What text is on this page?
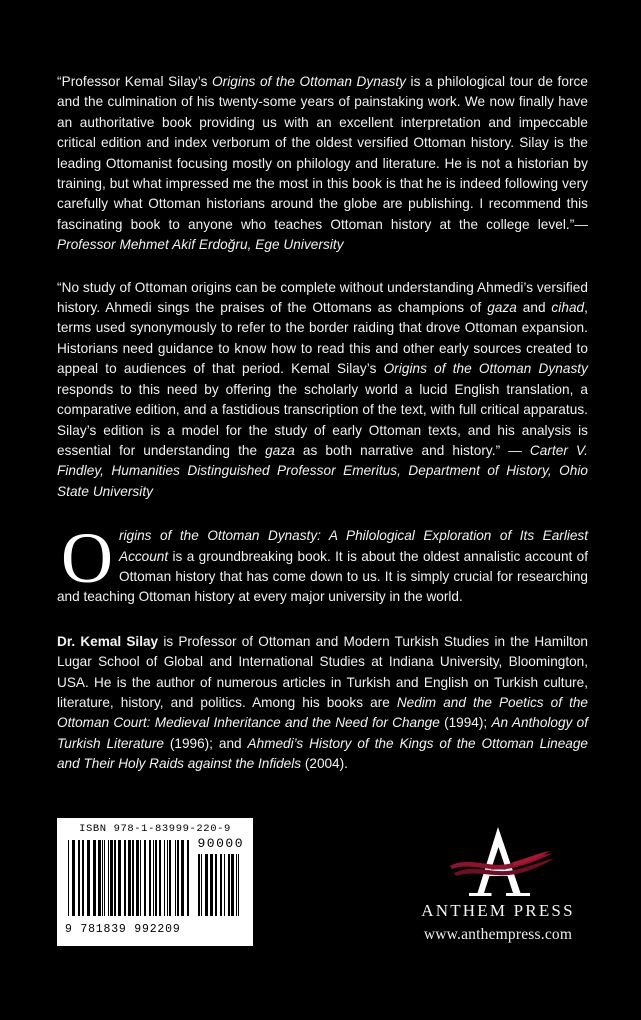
“Professor Kemal Silay’s Origins of the Ottoman Dynasty is a philological tour de force and the culmination of his twenty-some years of painstaking work. We now finally have an authoritative book providing us with an excellent interpretation and impeccable critical edition and index verborum of the oldest versified Ottoman history. Silay is the leading Ottomanist focusing mostly on philology and literature. He is not a historian by training, but what impressed me the most in this book is that he is indeed following very carefully what Ottoman historians around the globe are publishing. I recommend this fascinating book to anyone who teaches Ottoman history at the college level.”— Professor Mehmet Akif Erdoğru, Ege University

“No study of Ottoman origins can be complete without understanding Ahmedi’s versified history. Ahmedi sings the praises of the Ottomans as champions of gaza and cihad, terms used synonymously to refer to the border raiding that drove Ottoman expansion. Historians need guidance to know how to read this and other early sources created to appeal to audiences of that period. Kemal Silay’s Origins of the Ottoman Dynasty responds to this need by offering the scholarly world a lucid English translation, a comparative edition, and a fastidious transcription of the text, with full critical apparatus. Silay’s edition is a model for the study of early Ottoman texts, and his analysis is essential for understanding the gaza as both narrative and history.” — Carter V. Findley, Humanities Distinguished Professor Emeritus, Department of History, Ohio State University

Origins of the Ottoman Dynasty: A Philological Exploration of Its Earliest Account is a groundbreaking book. It is about the oldest annalistic account of Ottoman history that has come down to us. It is simply crucial for researching and teaching Ottoman history at every major university in the world.

Dr. Kemal Silay is Professor of Ottoman and Modern Turkish Studies in the Hamilton Lugar School of Global and International Studies at Indiana University, Bloomington, USA. He is the author of numerous articles in Turkish and English on Turkish culture, literature, history, and politics. Among his books are Nedim and the Poetics of the Ottoman Court: Medieval Inheritance and the Need for Change (1994); An Anthology of Turkish Literature (1996); and Ahmedi’s History of the Kings of the Ottoman Lineage and Their Holy Raids against the Infidels (2004).

ISBN 978-1-83999-220-9
90000
9 781839 992209
ANTHEM PRESS
www.anthempress.com
